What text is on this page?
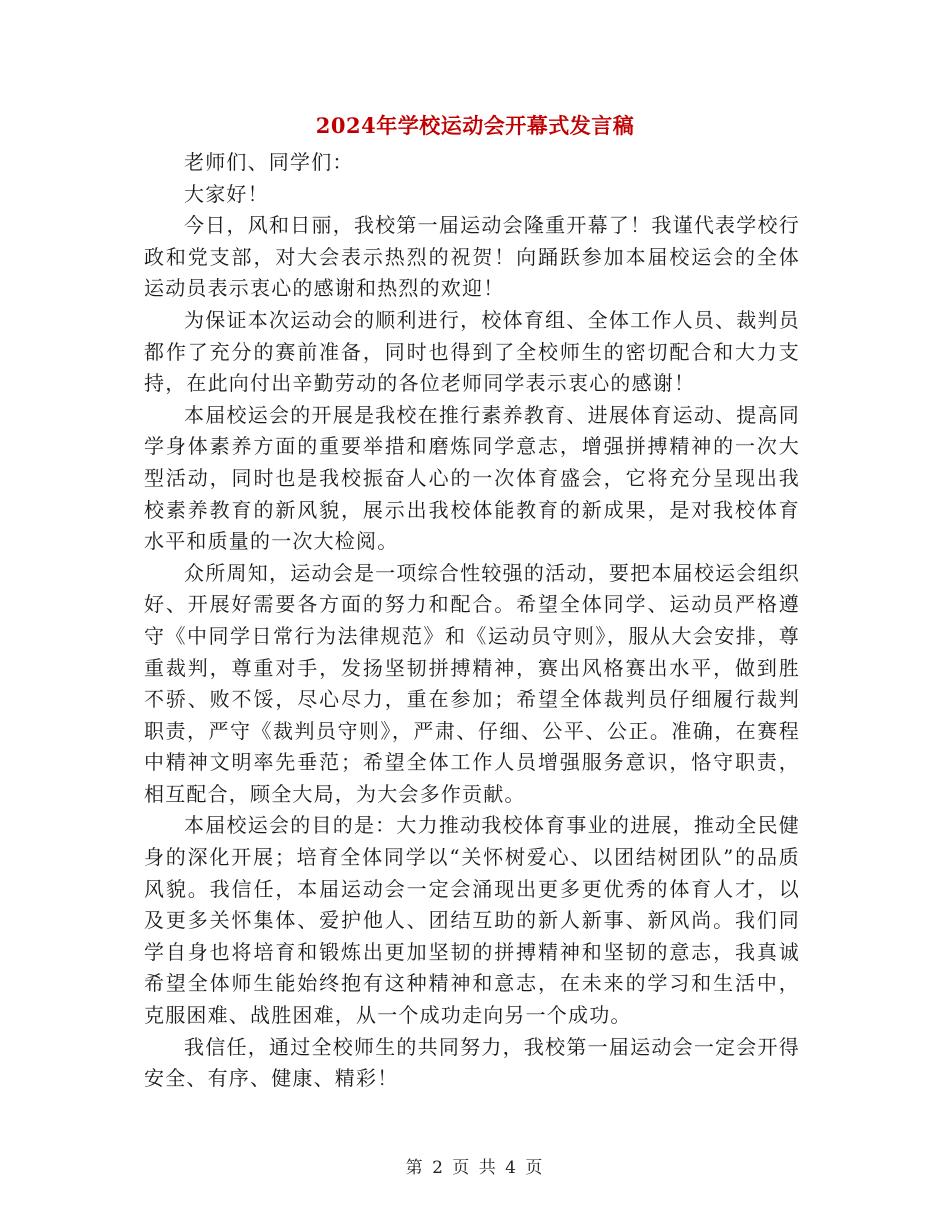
2024年学校运动会开幕式发言稿

老师们、同学们：

大家好！

今日，风和日丽，我校第一届运动会隆重开幕了！我谨代表学校行政和党支部，对大会表示热烈的祝贺！向踊跃参加本届校运会的全体运动员表示衷心的感谢和热烈的欢迎！

为保证本次运动会的顺利进行，校体育组、全体工作人员、裁判员都作了充分的赛前准备，同时也得到了全校师生的密切配合和大力支持，在此向付出辛勤劳动的各位老师同学表示衷心的感谢！

本届校运会的开展是我校在推行素养教育、进展体育运动、提高同学身体素养方面的重要举措和磨炼同学意志，增强拼搏精神的一次大型活动，同时也是我校振奋人心的一次体育盛会，它将充分呈现出我校素养教育的新风貌，展示出我校体能教育的新成果，是对我校体育水平和质量的一次大检阅。

众所周知，运动会是一项综合性较强的活动，要把本届校运会组织好、开展好需要各方面的努力和配合。希望全体同学、运动员严格遵守《中同学日常行为法律规范》和《运动员守则》，服从大会安排，尊重裁判，尊重对手，发扬坚韧拼搏精神，赛出风格赛出水平，做到胜不骄、败不馁，尽心尽力，重在参加；希望全体裁判员仔细履行裁判职责，严守《裁判员守则》，严肃、仔细、公平、公正。准确，在赛程中精神文明率先垂范；希望全体工作人员增强服务意识，恪守职责，相互配合，顾全大局，为大会多作贡献。

本届校运会的目的是：大力推动我校体育事业的进展，推动全民健身的深化开展；培育全体同学以“关怀树爱心、以团结树团队”的品质风貌。我信任，本届运动会一定会涌现出更多更优秀的体育人才，以及更多关怀集体、爱护他人、团结互助的新人新事、新风尚。我们同学自身也将培育和锻炼出更加坚韧的拼搏精神和坚韧的意志，我真诚希望全体师生能始终抱有这种精神和意志，在未来的学习和生活中，克服困难、战胜困难，从一个成功走向另一个成功。

我信任，通过全校师生的共同努力，我校第一届运动会一定会开得安全、有序、健康、精彩！

第 2 页 共 4 页
